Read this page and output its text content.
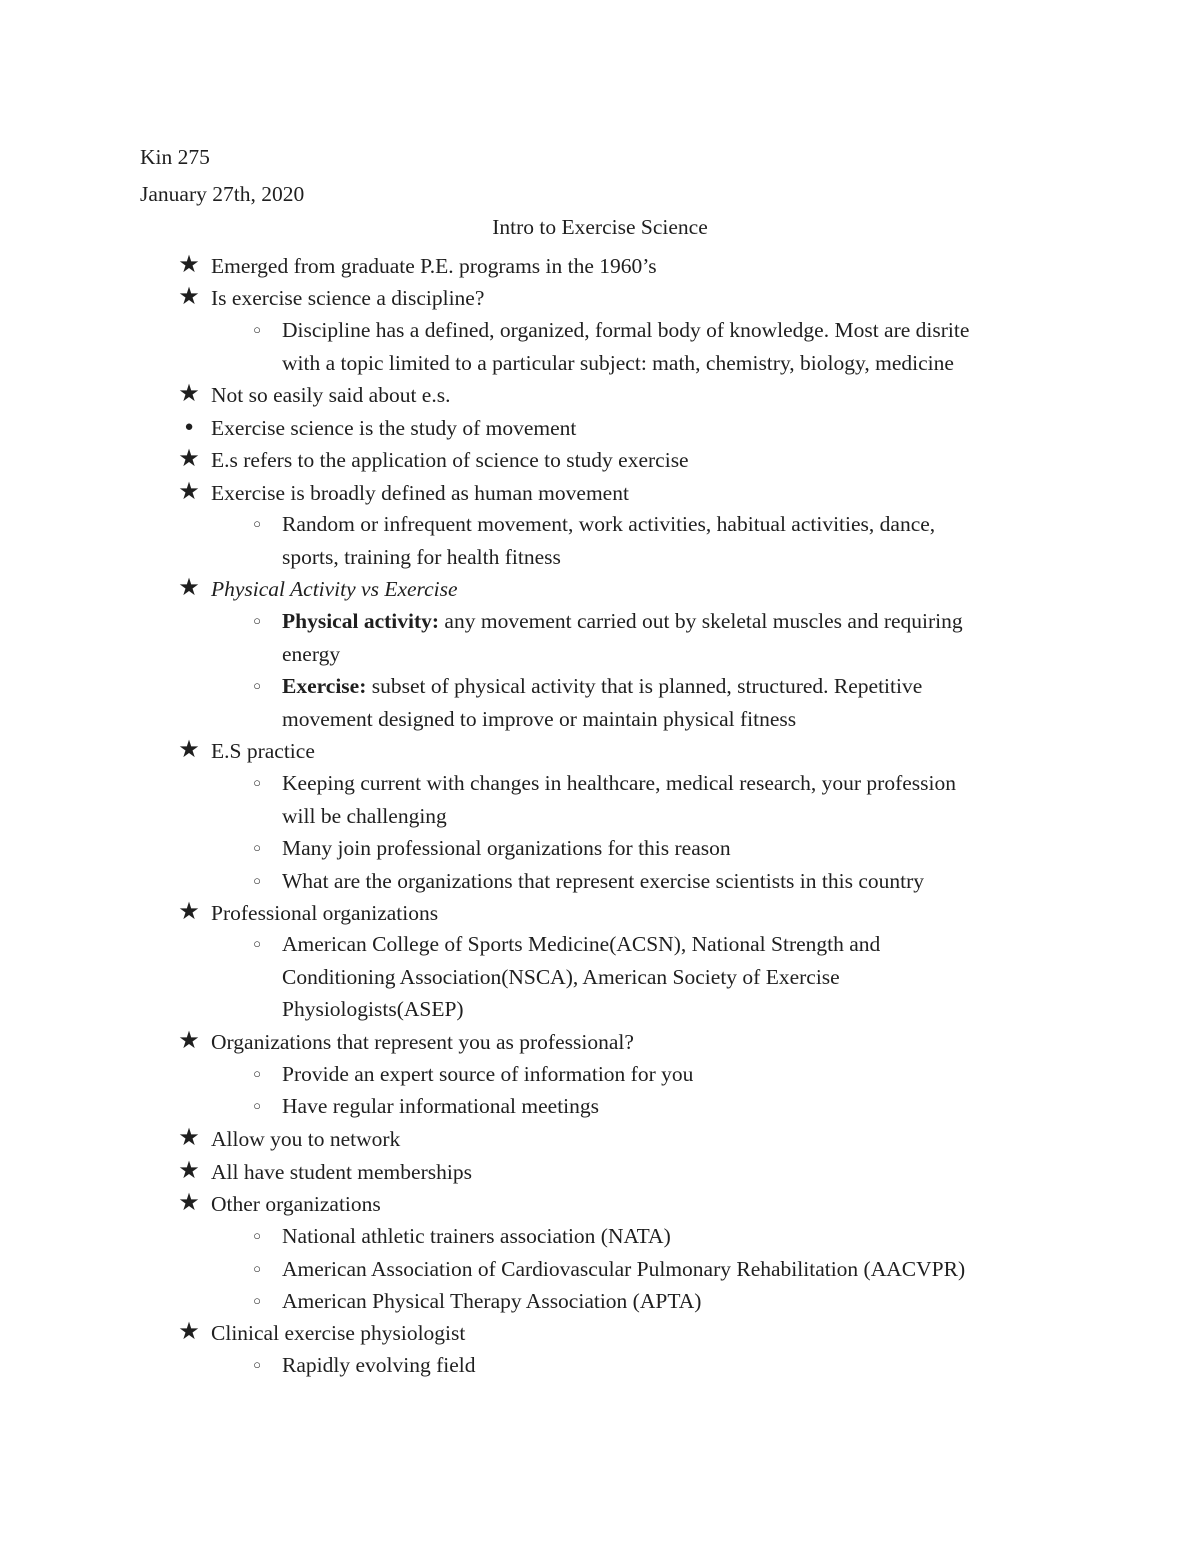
Kin 275
January 27th, 2020
Intro to Exercise Science
★ Emerged from graduate P.E. programs in the 1960’s
★ Is exercise science a discipline?
○ Discipline has a defined, organized, formal body of knowledge. Most are disrite
with a topic limited to a particular subject: math, chemistry, biology, medicine
★ Not so easily said about e.s.
● Exercise science is the study of movement
★ E.s refers to the application of science to study exercise
★ Exercise is broadly defined as human movement
○ Random or infrequent movement, work activities, habitual activities, dance,
sports, training for health fitness
★ Physical Activity vs Exercise
○ Physical activity: any movement carried out by skeletal muscles and requiring
energy
○ Exercise: subset of physical activity that is planned, structured. Repetitive
movement designed to improve or maintain physical fitness
★ E.S practice
○ Keeping current with changes in healthcare, medical research, your profession
will be challenging
○ Many join professional organizations for this reason
○ What are the organizations that represent exercise scientists in this country
★ Professional organizations
○ American College of Sports Medicine(ACSN), National Strength and
Conditioning Association(NSCA), American Society of Exercise
Physiologists(ASEP)
★ Organizations that represent you as professional?
○ Provide an expert source of information for you
○ Have regular informational meetings
★ Allow you to network
★ All have student memberships
★ Other organizations
○ National athletic trainers association (NATA)
○ American Association of Cardiovascular Pulmonary Rehabilitation (AACVPR)
○ American Physical Therapy Association (APTA)
★ Clinical exercise physiologist
○ Rapidly evolving field
